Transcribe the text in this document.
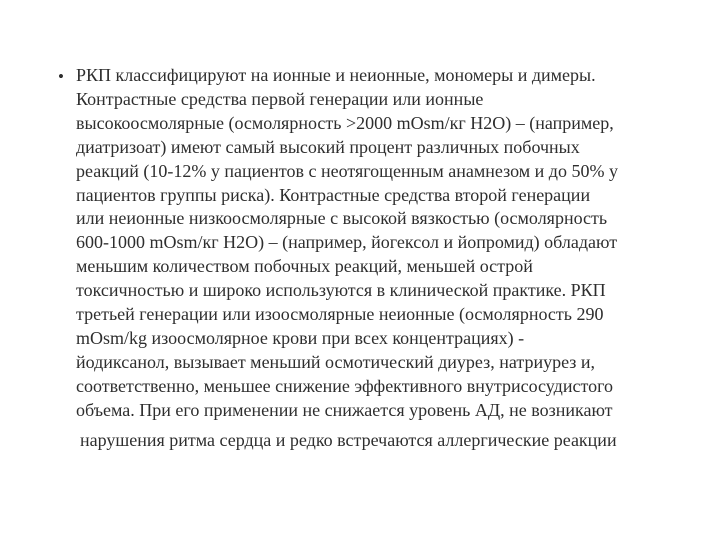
• РКП классифицируют на ионные и неионные, мономеры и димеры.
Контрастные средства первой генерации или ионные
высокоосмолярные (осмолярность >2000 mOsm/кг H2O) – (например,
диатризоат) имеют самый высокий процент различных побочных
реакций (10-12% у пациентов с неотягощенным анамнезом и до 50% у
пациентов группы риска). Контрастные средства второй генерации
или неионные низкоосмолярные с высокой вязкостью (осмолярность
600-1000 mOsm/кг H2O) – (например, йогексол и йопромид) обладают
меньшим количеством побочных реакций, меньшей острой
токсичностью и широко используются в клинической практике. РКП
третьей генерации или изоосмолярные неионные (осмолярность 290
mOsm/kg изоосмолярное крови при всех концентрациях) -
йодиксанол, вызывает меньший осмотический диурез, натриурез и,
соответственно, меньшее снижение эффективного внутрисосудистого
объема. При его применении не снижается уровень АД, не возникают
нарушения ритма сердца и редко встречаются аллергические реакции
